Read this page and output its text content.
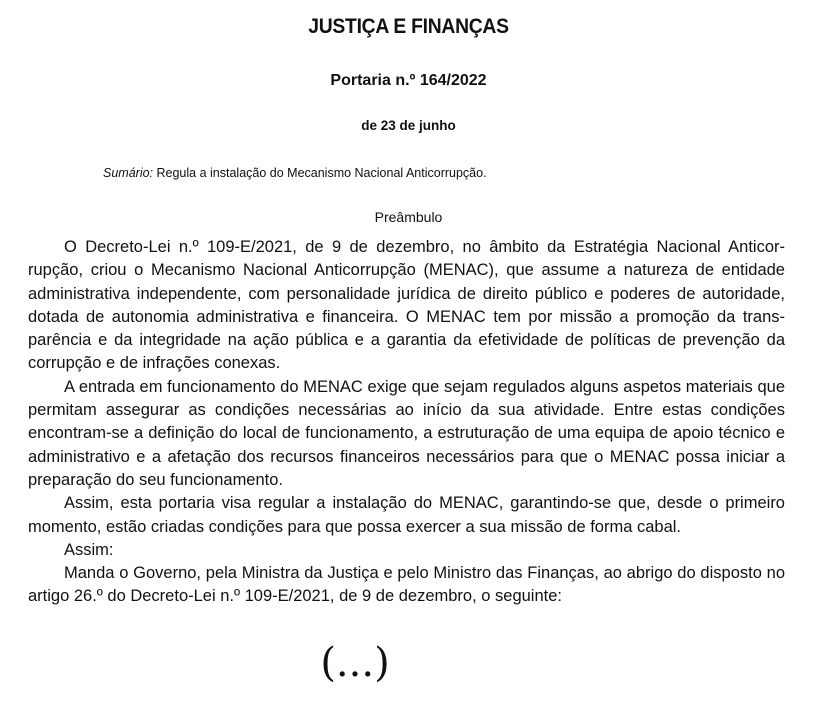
JUSTIÇA E FINANÇAS
Portaria n.º 164/2022
de 23 de junho
Sumário: Regula a instalação do Mecanismo Nacional Anticorrupção.
Preâmbulo

O Decreto-Lei n.º 109-E/2021, de 9 de dezembro, no âmbito da Estratégia Nacional Anticorrupção, criou o Mecanismo Nacional Anticorrupção (MENAC), que assume a natureza de entidade administrativa independente, com personalidade jurídica de direito público e poderes de autoridade, dotada de autonomia administrativa e financeira. O MENAC tem por missão a promoção da transparência e da integridade na ação pública e a garantia da efetividade de políticas de prevenção da corrupção e de infrações conexas.

A entrada em funcionamento do MENAC exige que sejam regulados alguns aspetos materiais que permitam assegurar as condições necessárias ao início da sua atividade. Entre estas condições encontram-se a definição do local de funcionamento, a estruturação de uma equipa de apoio técnico e administrativo e a afetação dos recursos financeiros necessários para que o MENAC possa iniciar a preparação do seu funcionamento.

Assim, esta portaria visa regular a instalação do MENAC, garantindo-se que, desde o primeiro momento, estão criadas condições para que possa exercer a sua missão de forma cabal.

Assim:

Manda o Governo, pela Ministra da Justiça e pelo Ministro das Finanças, ao abrigo do disposto no artigo 26.º do Decreto-Lei n.º 109-E/2021, de 9 de dezembro, o seguinte:

(...)
